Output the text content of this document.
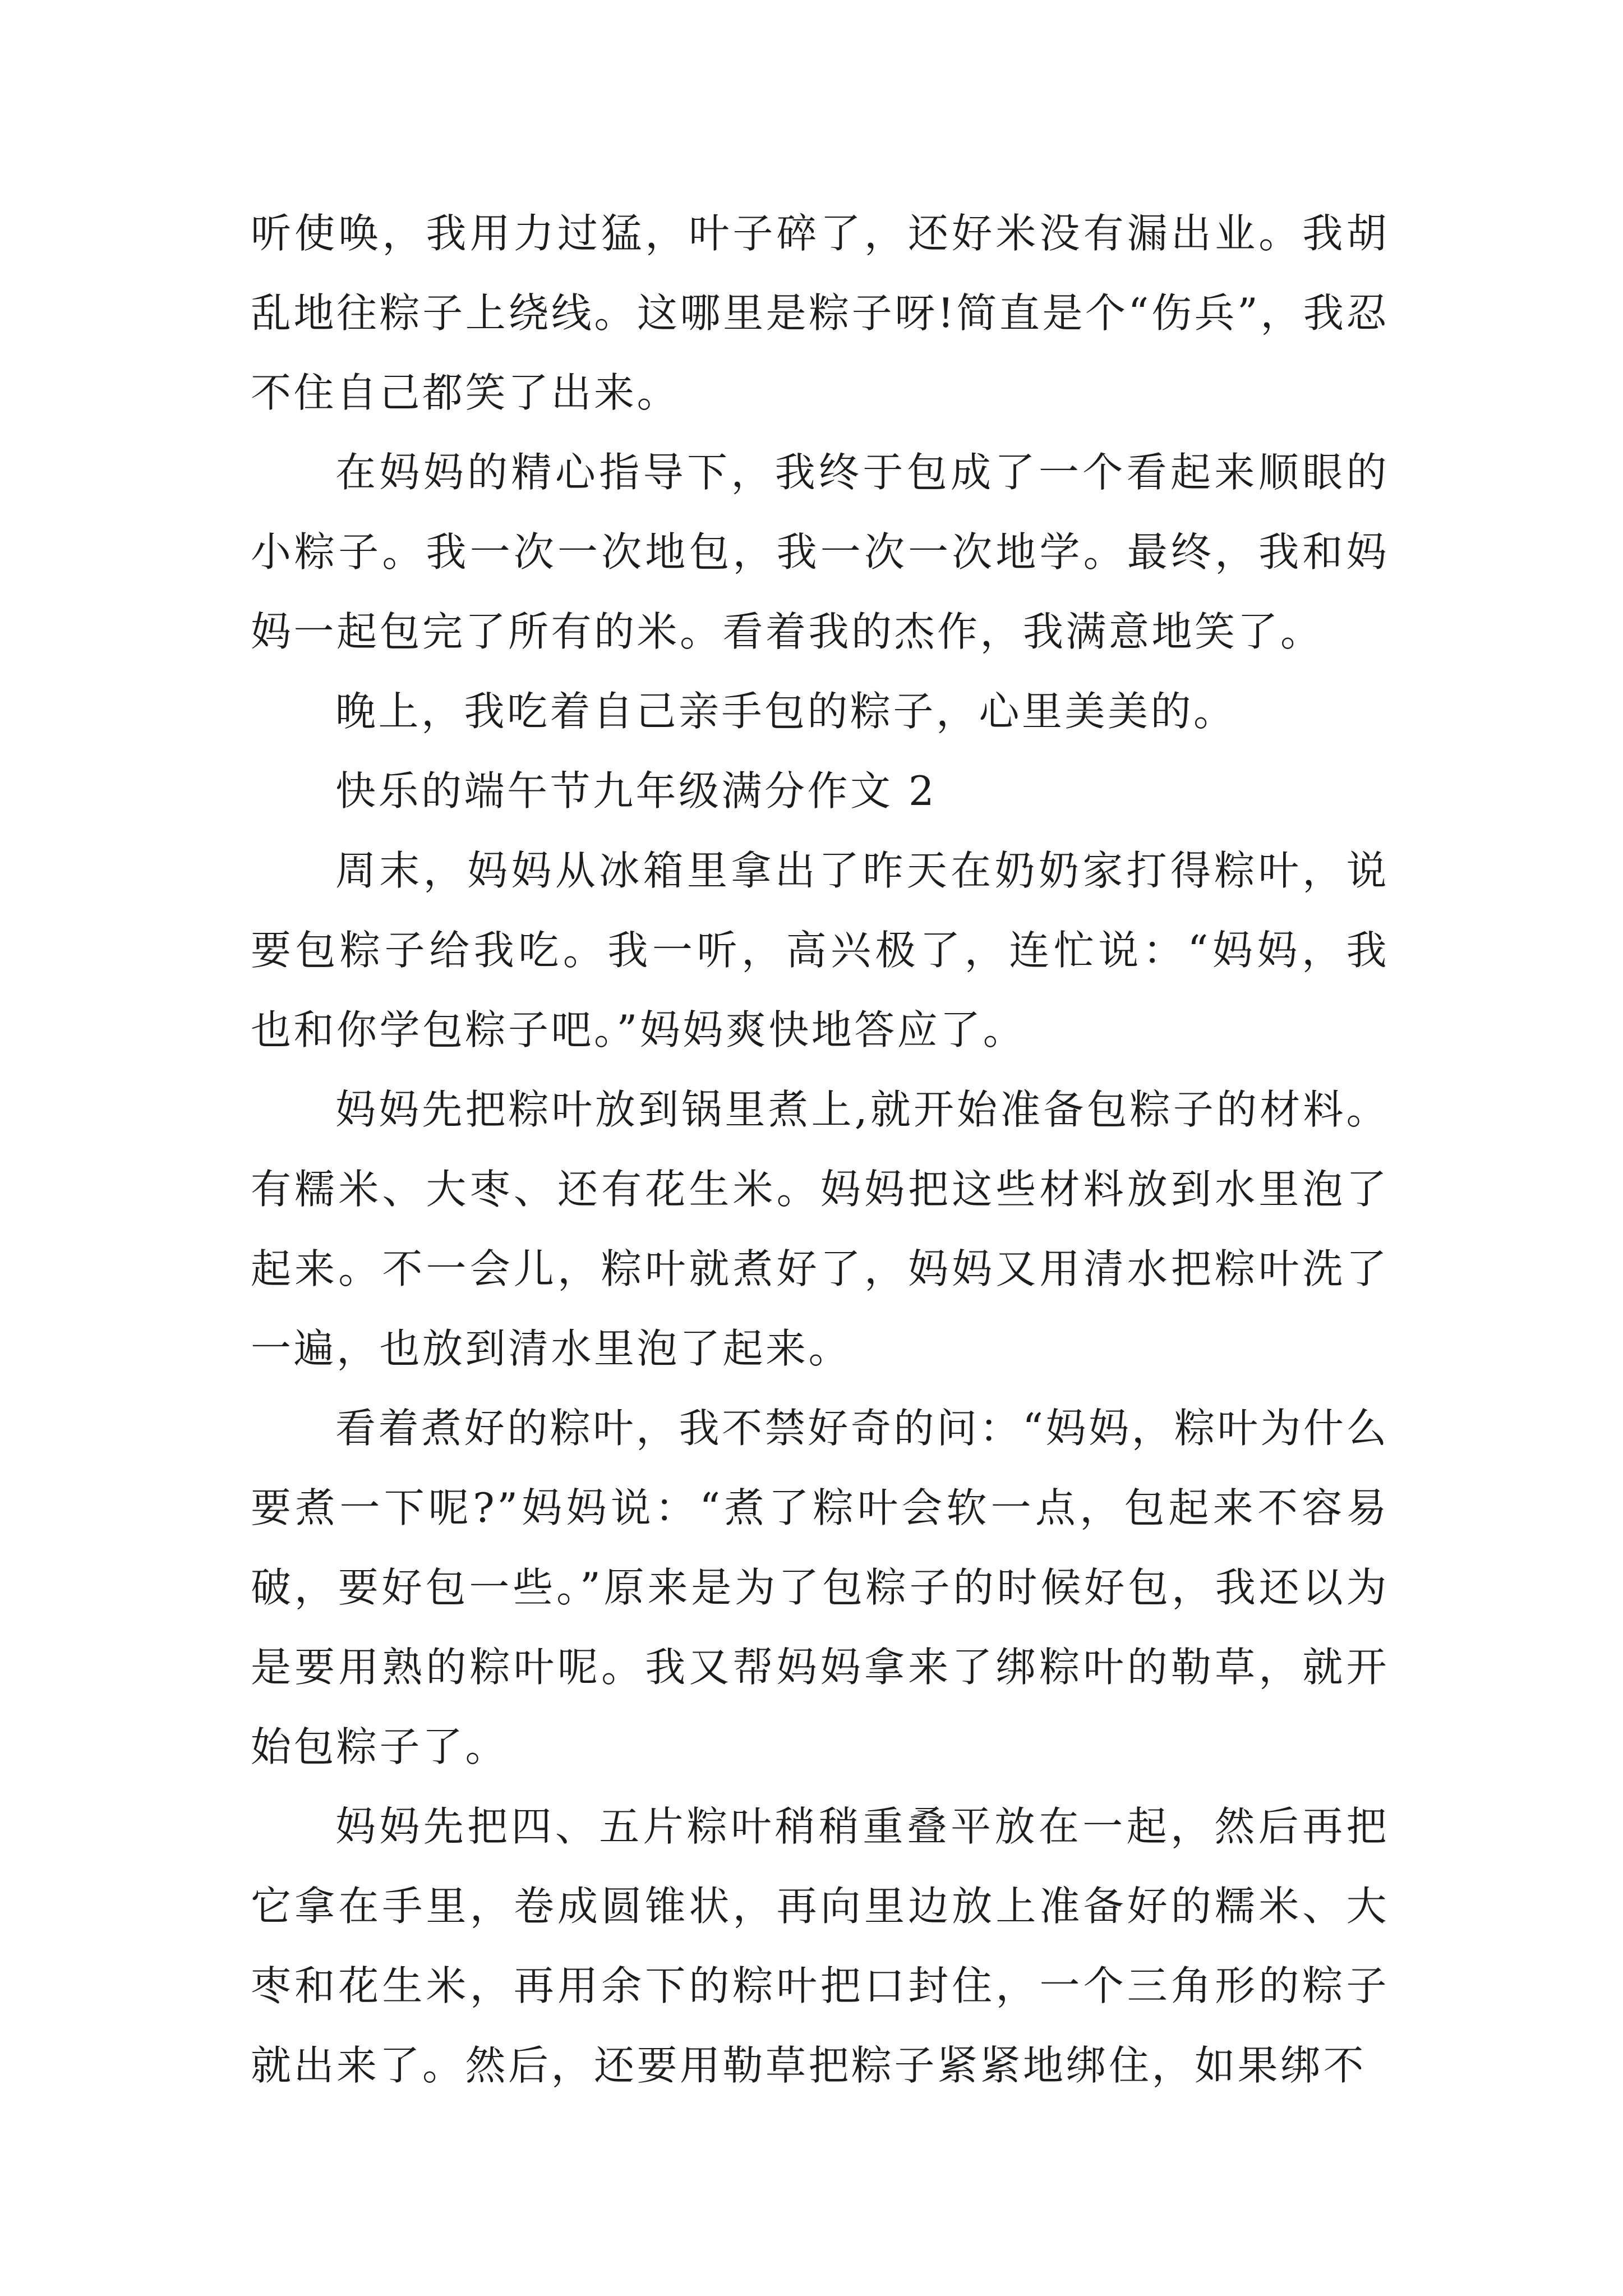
听使唤，我用力过猛，叶子碎了，还好米没有漏出业。我胡乱地往粽子上绕线。这哪里是粽子呀!简直是个“伤兵”，我忍不住自己都笑了出来。

在妈妈的精心指导下，我终于包成了一个看起来顺眼的小粽子。我一次一次地包，我一次一次地学。最终，我和妈妈一起包完了所有的米。看着我的杰作，我满意地笑了。

晚上，我吃着自己亲手包的粽子，心里美美的。

快乐的端午节九年级满分作文 2

周末，妈妈从冰箱里拿出了昨天在奶奶家打得粽叶，说要包粽子给我吃。我一听，高兴极了，连忙说：“妈妈，我也和你学包粽子吧。”妈妈爽快地答应了。

妈妈先把粽叶放到锅里煮上,就开始准备包粽子的材料。有糯米、大枣、还有花生米。妈妈把这些材料放到水里泡了起来。不一会儿，粽叶就煮好了，妈妈又用清水把粽叶洗了一遍，也放到清水里泡了起来。

看着煮好的粽叶，我不禁好奇的问：“妈妈，粽叶为什么要煮一下呢?”妈妈说：“煮了粽叶会软一点，包起来不容易破，要好包一些。”原来是为了包粽子的时候好包，我还以为是要用熟的粽叶呢。我又帮妈妈拿来了绑粽叶的勒草，就开始包粽子了。

妈妈先把四、五片粽叶稍稍重叠平放在一起，然后再把它拿在手里，卷成圆锥状，再向里边放上准备好的糯米、大枣和花生米，再用余下的粽叶把口封住，一个三角形的粽子就出来了。然后，还要用勒草把粽子紧紧地绑住，如果绑不
